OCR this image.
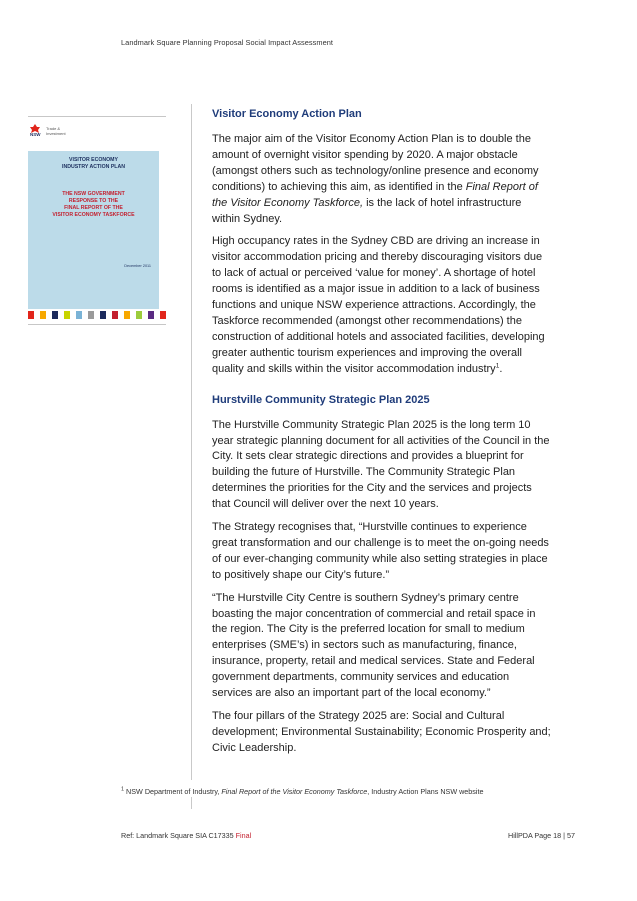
Landmark Square Planning Proposal Social Impact Assessment
NSW
Trade &
Investment
VISITOR ECONOMY
INDUSTRY ACTION PLAN
THE NSW GOVERNMENT
RESPONSE TO THE
FINAL REPORT OF THE
VISITOR ECONOMY TASKFORCE
December 2011
Visitor Economy Action Plan

The major aim of the Visitor Economy Action Plan is to double the amount of overnight visitor spending by 2020. A major obstacle (amongst others such as technology/online presence and economy conditions) to achieving this aim, as identified in the Final Report of the Visitor Economy Taskforce, is the lack of hotel infrastructure within Sydney.

High occupancy rates in the Sydney CBD are driving an increase in visitor accommodation pricing and thereby discouraging visitors due to lack of actual or perceived ‘value for money’. A shortage of hotel rooms is identified as a major issue in addition to a lack of business functions and unique NSW experience attractions. Accordingly, the Taskforce recommended (amongst other recommendations) the construction of additional hotels and associated facilities, developing greater authentic tourism experiences and improving the overall quality and skills within the visitor accommodation industry$^1$.

Hurstville Community Strategic Plan 2025

The Hurstville Community Strategic Plan 2025 is the long term 10 year strategic planning document for all activities of the Council in the City. It sets clear strategic directions and provides a blueprint for building the future of Hurstville. The Community Strategic Plan determines the priorities for the City and the services and projects that Council will deliver over the next 10 years.

The Strategy recognises that, “Hurstville continues to experience great transformation and our challenge is to meet the on-going needs of our ever-changing community while also setting strategies in place to positively shape our City’s future.”

“The Hurstville City Centre is southern Sydney’s primary centre boasting the major concentration of commercial and retail space in the region. The City is the preferred location for small to medium enterprises (SME’s) in sectors such as manufacturing, finance, insurance, property, retail and medical services. State and Federal government departments, community services and education services are also an important part of the local economy.”

The four pillars of the Strategy 2025 are: Social and Cultural development; Environmental Sustainability; Economic Prosperity and; Civic Leadership.

$^1$ NSW Department of Industry, Final Report of the Visitor Economy Taskforce, Industry Action Plans NSW website
Ref: Landmark Square SIA C17335 Final	HillPDA Page 18 | 57
